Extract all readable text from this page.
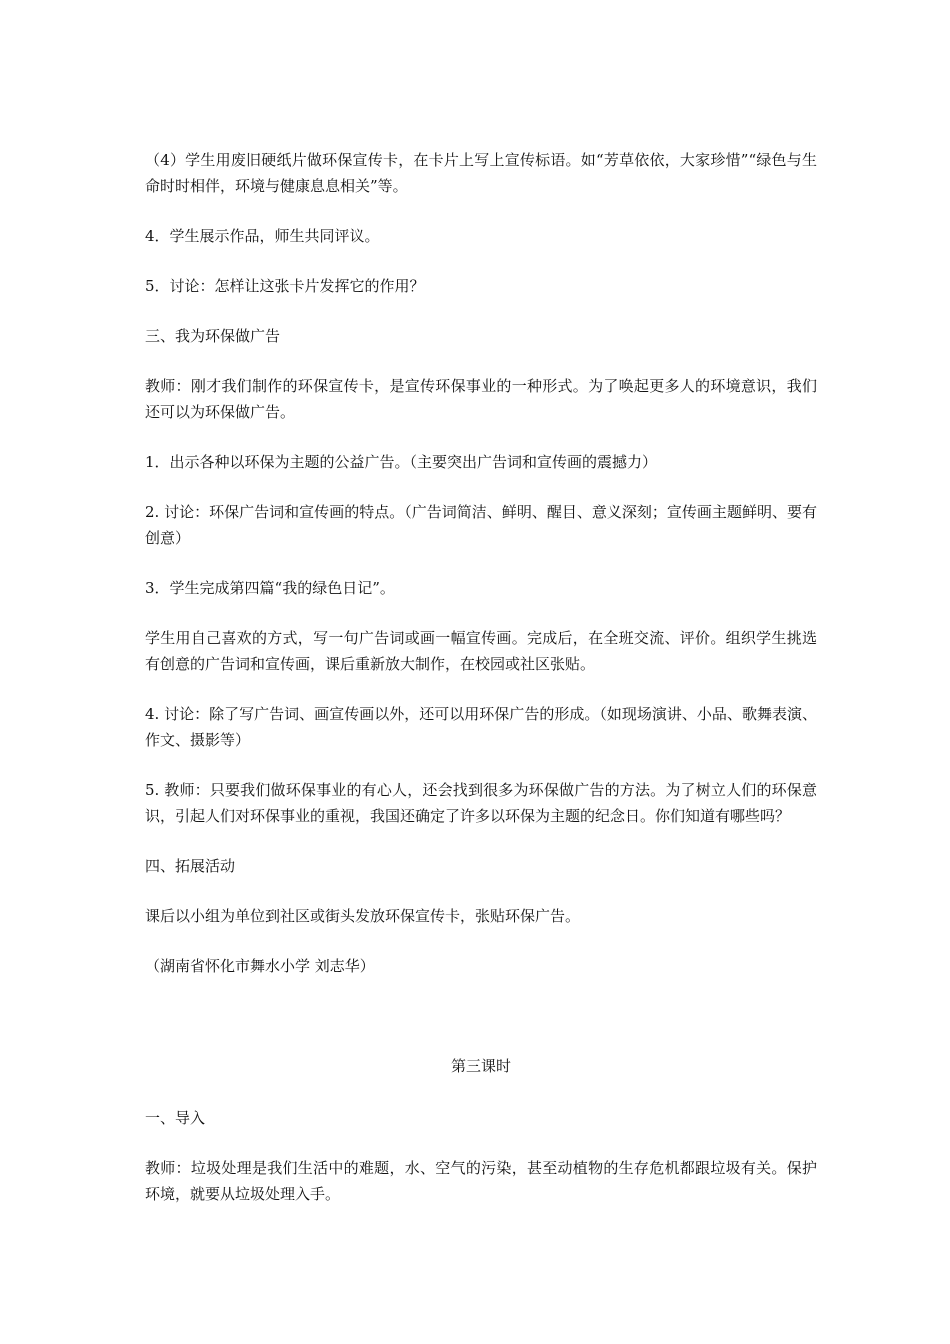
（4）学生用废旧硬纸片做环保宣传卡，在卡片上写上宣传标语。如“芳草依依，大家珍惜”“绿色与生命时时相伴，环境与健康息息相关”等。

4．学生展示作品，师生共同评议。

5．讨论：怎样让这张卡片发挥它的作用？

三、我为环保做广告

教师：刚才我们制作的环保宣传卡，是宣传环保事业的一种形式。为了唤起更多人的环境意识，我们还可以为环保做广告。

1．出示各种以环保为主题的公益广告。（主要突出广告词和宣传画的震撼力）

2. 讨论：环保广告词和宣传画的特点。（广告词简洁、鲜明、醒目、意义深刻；宣传画主题鲜明、要有创意）

3．学生完成第四篇“我的绿色日记”。

学生用自己喜欢的方式，写一句广告词或画一幅宣传画。完成后，在全班交流、评价。组织学生挑选有创意的广告词和宣传画，课后重新放大制作，在校园或社区张贴。

4. 讨论：除了写广告词、画宣传画以外，还可以用环保广告的形成。（如现场演讲、小品、歌舞表演、作文、摄影等）

5. 教师：只要我们做环保事业的有心人，还会找到很多为环保做广告的方法。为了树立人们的环保意识，引起人们对环保事业的重视，我国还确定了许多以环保为主题的纪念日。你们知道有哪些吗？

四、拓展活动

课后以小组为单位到社区或街头发放环保宣传卡，张贴环保广告。

（湖南省怀化市舞水小学 刘志华）

第三课时

一、导入

教师：垃圾处理是我们生活中的难题，水、空气的污染，甚至动植物的生存危机都跟垃圾有关。保护环境，就要从垃圾处理入手。
